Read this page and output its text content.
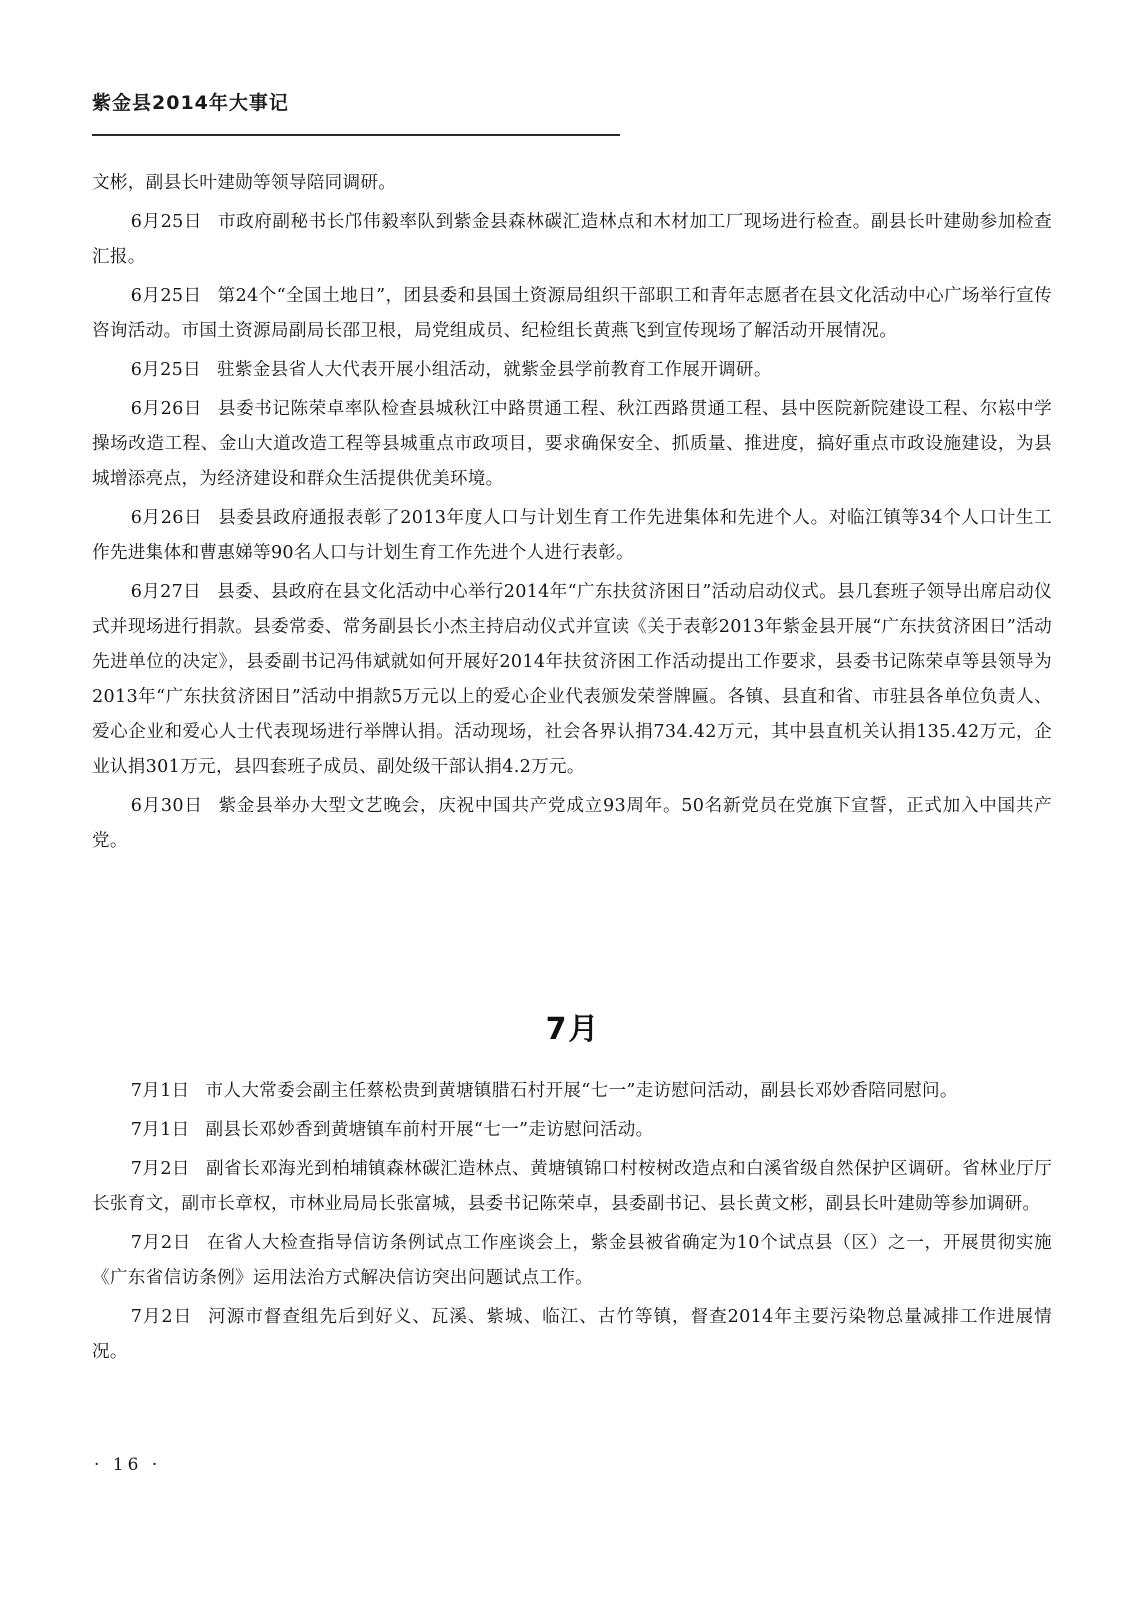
紫金县2014年大事记

文彬，副县长叶建勋等领导陪同调研。

6月25日 市政府副秘书长邝伟毅率队到紫金县森林碳汇造林点和木材加工厂现场进行检查。副县长叶建勋参加检查汇报。

6月25日 第24个“全国土地日”，团县委和县国土资源局组织干部职工和青年志愿者在县文化活动中心广场举行宣传咨询活动。市国土资源局副局长邵卫根，局党组成员、纪检组长黄燕飞到宣传现场了解活动开展情况。

6月25日 驻紫金县省人大代表开展小组活动，就紫金县学前教育工作展开调研。

6月26日 县委书记陈荣卓率队检查县城秋江中路贯通工程、秋江西路贯通工程、县中医院新院建设工程、尔崧中学操场改造工程、金山大道改造工程等县城重点市政项目，要求确保安全、抓质量、推进度，搞好重点市政设施建设，为县城增添亮点，为经济建设和群众生活提供优美环境。

6月26日 县委县政府通报表彰了2013年度人口与计划生育工作先进集体和先进个人。对临江镇等34个人口计生工作先进集体和曹惠娣等90名人口与计划生育工作先进个人进行表彰。

6月27日 县委、县政府在县文化活动中心举行2014年“广东扶贫济困日”活动启动仪式。县几套班子领导出席启动仪式并现场进行捐款。县委常委、常务副县长小杰主持启动仪式并宣读《关于表彰2013年紫金县开展“广东扶贫济困日”活动先进单位的决定》，县委副书记冯伟斌就如何开展好2014年扶贫济困工作活动提出工作要求，县委书记陈荣卓等县领导为2013年“广东扶贫济困日”活动中捐款5万元以上的爱心企业代表颁发荣誉牌匾。各镇、县直和省、市驻县各单位负责人、爱心企业和爱心人士代表现场进行举牌认捐。活动现场，社会各界认捐734.42万元，其中县直机关认捐135.42万元，企业认捐301万元，县四套班子成员、副处级干部认捐4.2万元。

6月30日 紫金县举办大型文艺晚会，庆祝中国共产党成立93周年。50名新党员在党旗下宣誓，正式加入中国共产党。

7月

7月1日 市人大常委会副主任蔡松贵到黄塘镇腊石村开展“七一”走访慰问活动，副县长邓妙香陪同慰问。

7月1日 副县长邓妙香到黄塘镇车前村开展“七一”走访慰问活动。

7月2日 副省长邓海光到柏埔镇森林碳汇造林点、黄塘镇锦口村桉树改造点和白溪省级自然保护区调研。省林业厅厅长张育文，副市长章权，市林业局局长张富城，县委书记陈荣卓，县委副书记、县长黄文彬，副县长叶建勋等参加调研。

7月2日 在省人大检查指导信访条例试点工作座谈会上，紫金县被省确定为10个试点县（区）之一，开展贯彻实施《广东省信访条例》运用法治方式解决信访突出问题试点工作。

7月2日 河源市督查组先后到好义、瓦溪、紫城、临江、古竹等镇，督查2014年主要污染物总量减排工作进展情况。

· 16 ·
